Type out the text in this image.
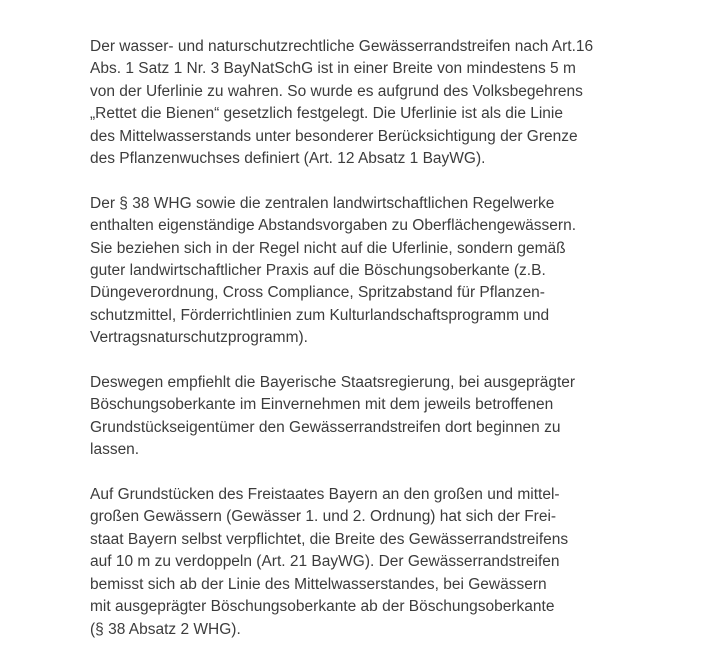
Der wasser- und naturschutzrechtliche Gewässerrandstreifen nach Art.16
Abs. 1 Satz 1 Nr. 3 BayNatSchG ist in einer Breite von mindestens 5 m
von der Uferlinie zu wahren. So wurde es aufgrund des Volksbegehrens
„Rettet die Bienen“ gesetzlich festgelegt. Die Uferlinie ist als die Linie
des Mittelwasserstands unter besonderer Berücksichtigung der Grenze
des Pflanzenwuchses definiert (Art. 12 Absatz 1 BayWG).

Der § 38 WHG sowie die zentralen landwirtschaftlichen Regelwerke
enthalten eigenständige Abstandsvorgaben zu Oberflächengewässern.
Sie beziehen sich in der Regel nicht auf die Uferlinie, sondern gemäß
guter landwirtschaftlicher Praxis auf die Böschungsoberkante (z.B.
Düngeverordnung, Cross Compliance, Spritzabstand für Pflanzen-
schutzmittel, Förderrichtlinien zum Kulturlandschaftsprogramm und
Vertragsnaturschutzprogramm).

Deswegen empfiehlt die Bayerische Staatsregierung, bei ausgeprägter
Böschungsoberkante im Einvernehmen mit dem jeweils betroffenen
Grundstückseigentümer den Gewässerrandstreifen dort beginnen zu
lassen.

Auf Grundstücken des Freistaates Bayern an den großen und mittel-
großen Gewässern (Gewässer 1. und 2. Ordnung) hat sich der Frei-
staat Bayern selbst verpflichtet, die Breite des Gewässerrandstreifens
auf 10 m zu verdoppeln (Art. 21 BayWG). Der Gewässerrandstreifen
bemisst sich ab der Linie des Mittelwasserstandes, bei Gewässern
mit ausgeprägter Böschungsoberkante ab der Böschungsoberkante
(§ 38 Absatz 2 WHG).
